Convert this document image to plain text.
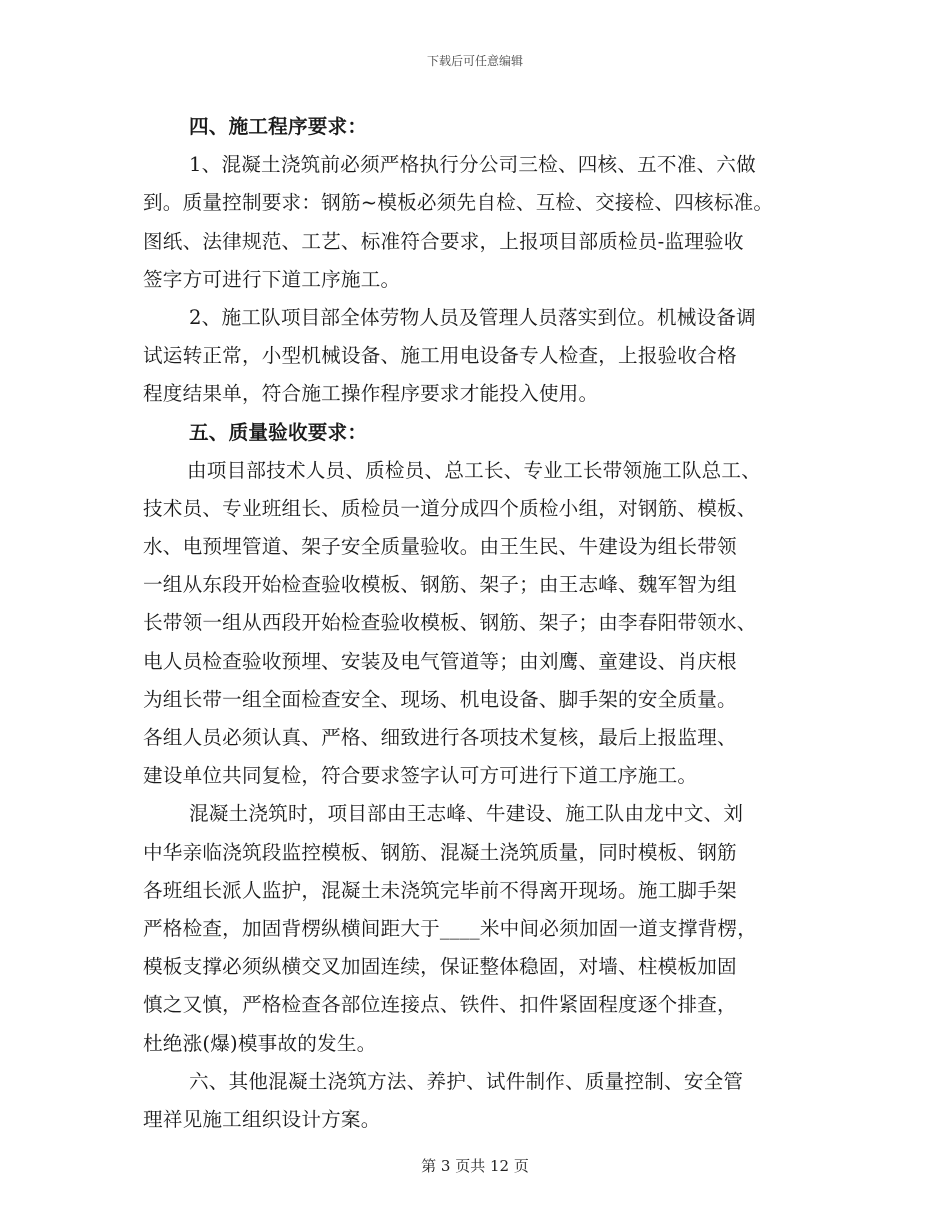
下载后可任意编辑
四、施工程序要求：
1、混凝土浇筑前必须严格执行分公司三检、四核、五不准、六做
到。质量控制要求：钢筋~模板必须先自检、互检、交接检、四核标准。
图纸、法律规范、工艺、标准符合要求，上报项目部质检员-监理验收
签字方可进行下道工序施工。
2、施工队项目部全体劳物人员及管理人员落实到位。机械设备调
试运转正常，小型机械设备、施工用电设备专人检查，上报验收合格
程度结果单，符合施工操作程序要求才能投入使用。
五、质量验收要求：
由项目部技术人员、质检员、总工长、专业工长带领施工队总工、
技术员、专业班组长、质检员一道分成四个质检小组，对钢筋、模板、
水、电预埋管道、架子安全质量验收。由王生民、牛建设为组长带领
一组从东段开始检查验收模板、钢筋、架子；由王志峰、魏军智为组
长带领一组从西段开始检查验收模板、钢筋、架子；由李春阳带领水、
电人员检查验收预埋、安装及电气管道等；由刘鹰、童建设、肖庆根
为组长带一组全面检查安全、现场、机电设备、脚手架的安全质量。
各组人员必须认真、严格、细致进行各项技术复核，最后上报监理、
建设单位共同复检，符合要求签字认可方可进行下道工序施工。
混凝土浇筑时，项目部由王志峰、牛建设、施工队由龙中文、刘
中华亲临浇筑段监控模板、钢筋、混凝土浇筑质量，同时模板、钢筋
各班组长派人监护，混凝土未浇筑完毕前不得离开现场。施工脚手架
严格检查，加固背楞纵横间距大于____米中间必须加固一道支撑背楞，
模板支撑必须纵横交叉加固连续，保证整体稳固，对墙、柱模板加固
慎之又慎，严格检查各部位连接点、铁件、扣件紧固程度逐个排查，
杜绝涨(爆)模事故的发生。
六、其他混凝土浇筑方法、养护、试件制作、质量控制、安全管
理祥见施工组织设计方案。
第 3 页共 12 页
